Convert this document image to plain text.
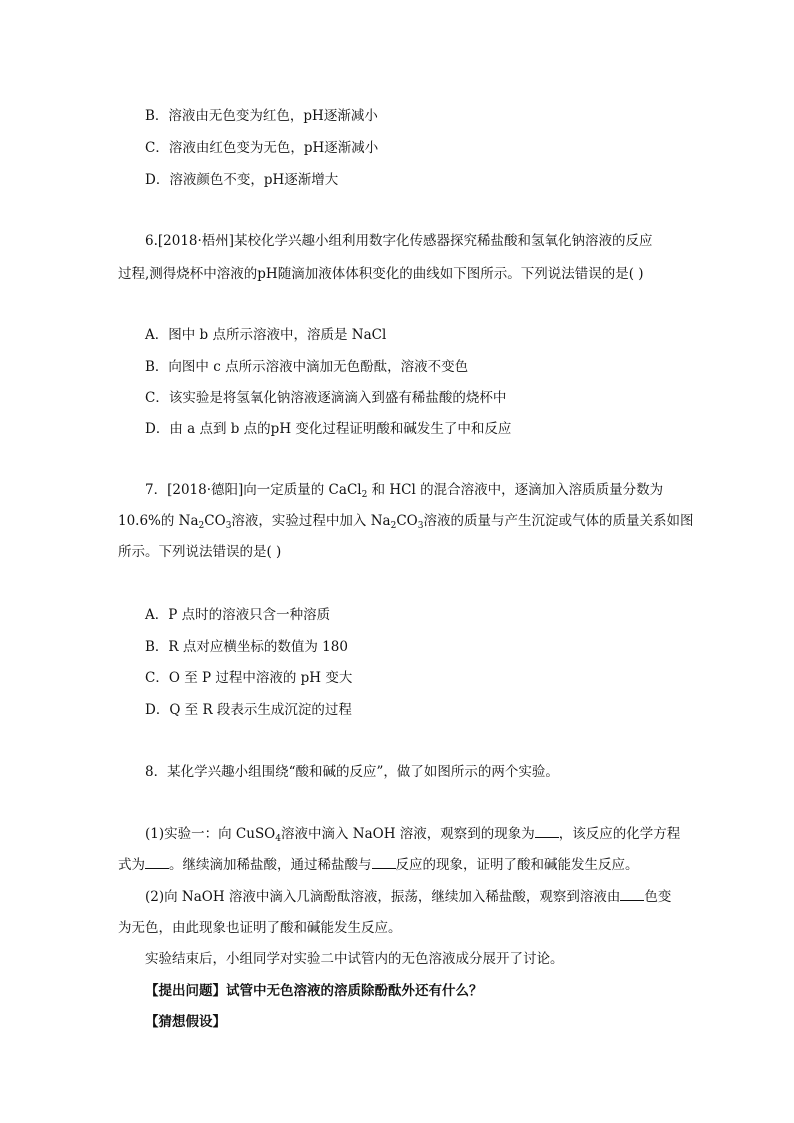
B．溶液由无色变为红色，pH逐渐减小
C．溶液由红色变为无色，pH逐渐减小
D．溶液颜色不变，pH逐渐增大
6.[2018·梧州]某校化学兴趣小组利用数字化传感器探究稀盐酸和氢氧化钠溶液的反应
过程,测得烧杯中溶液的pH随滴加液体体积变化的曲线如下图所示。下列说法错误的是( )
A．图中 b 点所示溶液中，溶质是 NaCl
B．向图中 c 点所示溶液中滴加无色酚酞，溶液不变色
C．该实验是将氢氧化钠溶液逐滴滴入到盛有稀盐酸的烧杯中
D．由 a 点到 b 点的pH 变化过程证明酸和碱发生了中和反应
7．[2018·德阳]向一定质量的 CaCl$_2$ 和 HCl 的混合溶液中，逐滴加入溶质质量分数为
10.6%的 $Na_2CO_3$溶液，实验过程中加入 $Na_2CO_3$溶液的质量与产生沉淀或气体的质量关系如图
所示。下列说法错误的是( )
A．P 点时的溶液只含一种溶质
B．R 点对应横坐标的数值为 180
C．O 至 P 过程中溶液的 pH 变大
D．Q 至 R 段表示生成沉淀的过程
8．某化学兴趣小组围绕“酸和碱的反应”，做了如图所示的两个实验。
(1)实验一：向 CuSO$_4$溶液中滴入 NaOH 溶液，观察到的现象为 ，该反应的化学方程
式为 。继续滴加稀盐酸，通过稀盐酸与 反应的现象，证明了酸和碱能发生反应。
(2)向 NaOH 溶液中滴入几滴酚酞溶液，振荡，继续加入稀盐酸，观察到溶液由 色变
为无色，由此现象也证明了酸和碱能发生反应。
实验结束后，小组同学对实验二中试管内的无色溶液成分展开了讨论。
【提出问题】试管中无色溶液的溶质除酚酞外还有什么？
【猜想假设】
